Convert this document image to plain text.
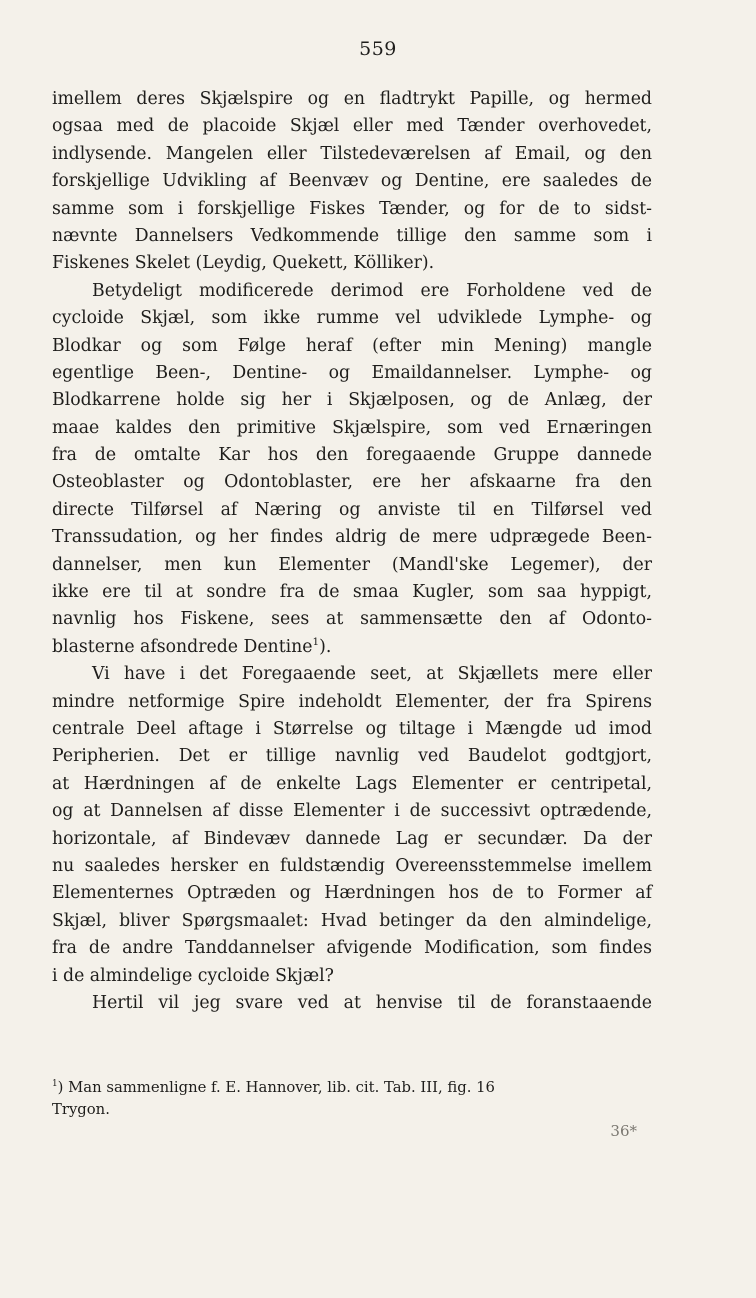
559
imellem deres Skjælspire og en fladtrykt Papille, og hermed
ogsaa med de placoide Skjæl eller med Tænder overhovedet,
indlysende. Mangelen eller Tilstedeværelsen af Email, og den
forskjellige Udvikling af Beenvæv og Dentine, ere saaledes de
samme som i forskjellige Fiskes Tænder, og for de to sidst-
nævnte Dannelsers Vedkommende tillige den samme som i
Fiskenes Skelet (Leydig, Quekett, Kölliker).
Betydeligt modificerede derimod ere Forholdene ved de
cycloide Skjæl, som ikke rumme vel udviklede Lymphe- og
Blodkar og som Følge heraf (efter min Mening) mangle
egentlige Been-, Dentine- og Emaildannelser. Lymphe- og
Blodkarrene holde sig her i Skjælposen, og de Anlæg, der
maae kaldes den primitive Skjælspire, som ved Ernæringen
fra de omtalte Kar hos den foregaaende Gruppe dannede
Osteoblaster og Odontoblaster, ere her afskaarne fra den
directe Tilførsel af Næring og anviste til en Tilførsel ved
Transsudation, og her findes aldrig de mere udprægede Been-
dannelser, men kun Elementer (Mandl'ske Legemer), der
ikke ere til at sondre fra de smaa Kugler, som saa hyppigt,
navnlig hos Fiskene, sees at sammensætte den af Odonto-
blasterne afsondrede Dentine$^1$).
Vi have i det Foregaaende seet, at Skjællets mere eller
mindre netformige Spire indeholdt Elementer, der fra Spirens
centrale Deel aftage i Størrelse og tiltage i Mængde ud imod
Peripherien. Det er tillige navnlig ved Baudelot godtgjort,
at Hærdningen af de enkelte Lags Elementer er centripetal,
og at Dannelsen af disse Elementer i de successivt optrædende,
horizontale, af Bindevæv dannede Lag er secundær. Da der
nu saaledes hersker en fuldstændig Overeensstemmelse imellem
Elementernes Optræden og Hærdningen hos de to Former af
Skjæl, bliver Spørgsmaalet: Hvad betinger da den almindelige,
fra de andre Tanddannelser afvigende Modification, som findes
i de almindelige cycloide Skjæl?
Hertil vil jeg svare ved at henvise til de foranstaaende
$^1$) Man sammenligne f. E. Hannover, lib. cit. Tab. III, fig. 16
Trygon.
36*
